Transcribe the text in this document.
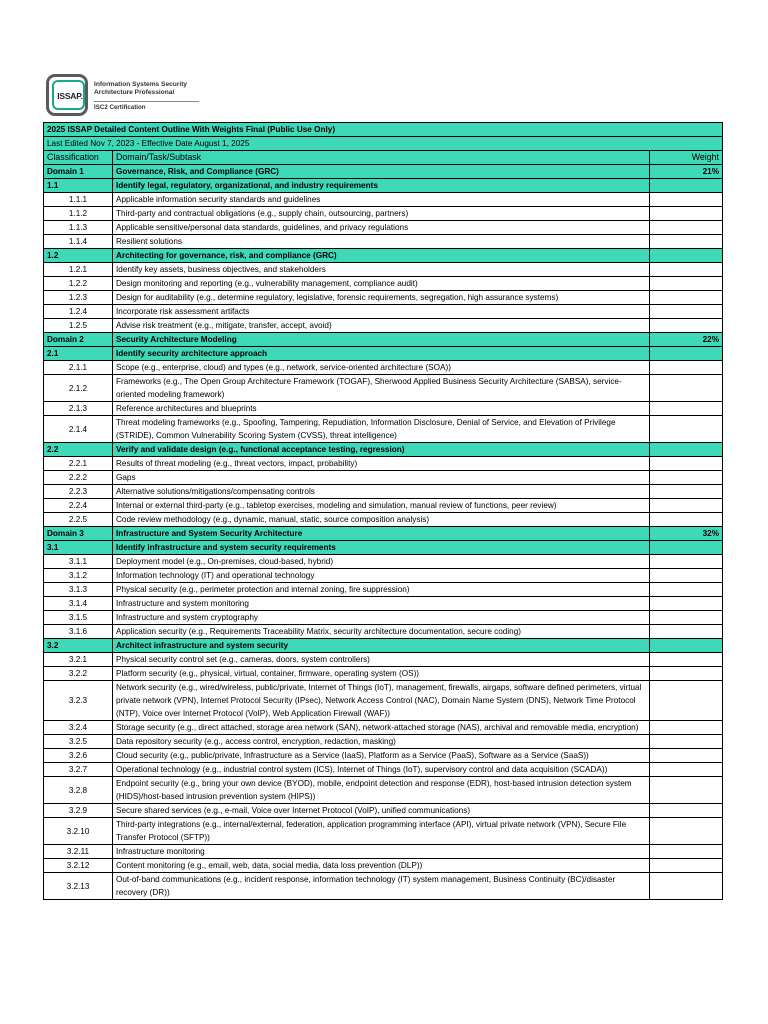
ISSAP.
Information Systems Security
Architecture Professional
ISC2 Certification
2025 ISSAP Detailed Content Outline With Weights Final (Public Use Only)		
Last Edited Nov 7, 2023 - Effective Date August 1, 2025		
Classification	Domain/Task/Subtask	Weight
Domain 1	Governance, Risk, and Compliance (GRC)	21%
1.1	Identify legal, regulatory, organizational, and industry requirements	
1.1.1	Applicable information security standards and guidelines	
1.1.2	Third-party and contractual obligations (e.g., supply chain, outsourcing, partners)	
1.1.3	Applicable sensitive/personal data standards, guidelines, and privacy regulations	
1.1.4	Resilient solutions	
1.2	Architecting for governance, risk, and compliance (GRC)	
1.2.1	Identify key assets, business objectives, and stakeholders	
1.2.2	Design monitoring and reporting (e.g., vulnerability management, compliance audit)	
1.2.3	Design for auditability (e.g., determine regulatory, legislative, forensic requirements, segregation, high assurance systems)	
1.2.4	Incorporate risk assessment artifacts	
1.2.5	Advise risk treatment (e.g., mitigate, transfer, accept, avoid)	
Domain 2	Security Architecture Modeling	22%
2.1	Identify security architecture approach	
2.1.1	Scope (e.g., enterprise, cloud) and types (e.g., network, service-oriented architecture (SOA))	
2.1.2	Frameworks (e.g., The Open Group Architecture Framework (TOGAF), Sherwood Applied Business Security Architecture (SABSA), service-oriented modeling framework)	
2.1.3	Reference architectures and blueprints	
2.1.4	Threat modeling frameworks (e.g., Spoofing, Tampering, Repudiation, Information Disclosure, Denial of Service, and Elevation of Privilege (STRIDE), Common Vulnerability Scoring System (CVSS), threat intelligence)	
2.2	Verify and validate design (e.g., functional acceptance testing, regression)	
2.2.1	Results of threat modeling (e.g., threat vectors, impact, probability)	
2.2.2	Gaps	
2.2.3	Alternative solutions/mitigations/compensating controls	
2.2.4	Internal or external third-party (e.g., tabletop exercises, modeling and simulation, manual review of functions, peer review)	
2.2.5	Code review methodology (e.g., dynamic, manual, static, source composition analysis)	
Domain 3	Infrastructure and System Security Architecture	32%
3.1	Identify infrastructure and system security requirements	
3.1.1	Deployment model (e.g., On-premises, cloud-based, hybrid)	
3.1.2	Information technology (IT) and operational technology	
3.1.3	Physical security (e.g., perimeter protection and internal zoning, fire suppression)	
3.1.4	Infrastructure and system monitoring	
3.1.5	Infrastructure and system cryptography	
3.1.6	Application security (e.g., Requirements Traceability Matrix, security architecture documentation, secure coding)	
3.2	Architect infrastructure and system security	
3.2.1	Physical security control set (e.g., cameras, doors, system controllers)	
3.2.2	Platform security (e.g., physical, virtual, container, firmware, operating system (OS))	
3.2.3	Network security (e.g., wired/wireless, public/private, Internet of Things (IoT), management, firewalls, airgaps, software defined perimeters, virtual private network (VPN), Internet Protocol Security (IPsec), Network Access Control (NAC), Domain Name System (DNS), Network Time Protocol (NTP), Voice over Internet Protocol (VoIP), Web Application Firewall (WAF))	
3.2.4	Storage security (e.g., direct attached, storage area network (SAN), network-attached storage (NAS), archival and removable media, encryption)	
3.2.5	Data repository security (e.g., access control, encryption, redaction, masking)	
3.2.6	Cloud security (e.g., public/private, Infrastructure as a Service (IaaS), Platform as a Service (PaaS), Software as a Service (SaaS))	
3.2.7	Operational technology (e.g., industrial control system (ICS), Internet of Things (IoT), supervisory control and data acquisition (SCADA))	
3.2.8	Endpoint security (e.g., bring your own device (BYOD), mobile, endpoint detection and response (EDR), host-based intrusion detection system (HIDS)/host-based intrusion prevention system (HIPS))	
3.2.9	Secure shared services (e.g., e-mail, Voice over Internet Protocol (VoIP), unified communications)	
3.2.10	Third-party integrations (e.g., internal/external, federation, application programming interface (API), virtual private network (VPN), Secure File Transfer Protocol (SFTP))	
3.2.11	Infrastructure monitoring	
3.2.12	Content monitoring (e.g., email, web, data, social media, data loss prevention (DLP))	
3.2.13	Out-of-band communications (e.g., incident response, information technology (IT) system management, Business Continuity (BC)/disaster recovery (DR))	
